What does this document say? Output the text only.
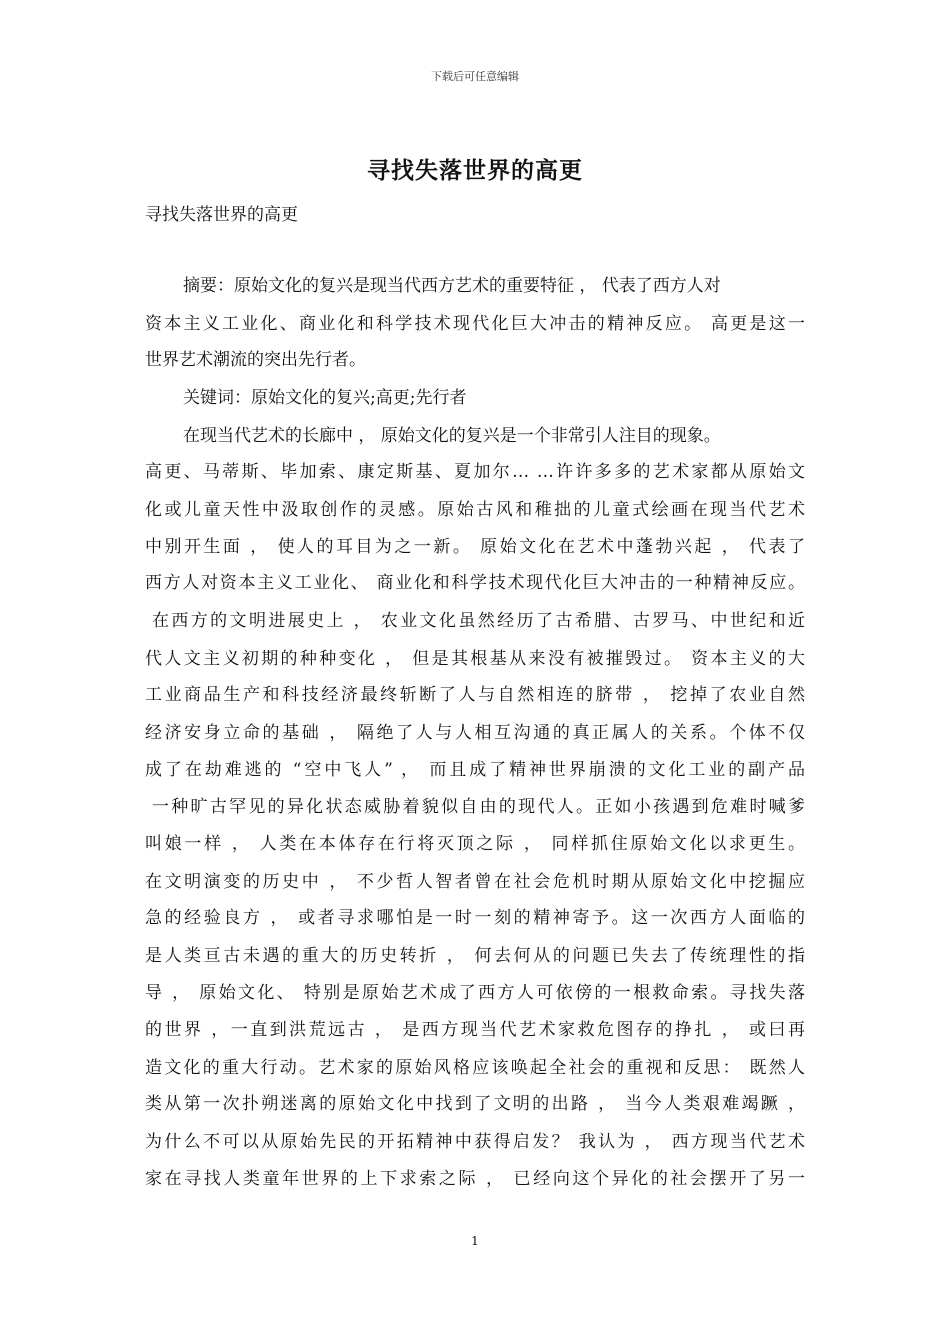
下载后可任意编辑
寻找失落世界的高更
寻找失落世界的高更
摘要：原始文化的复兴是现当代西方艺术的重要特征 ， 代表了西方人对
资本主义工业化、商业化和科学技术现代化巨大冲击的精神反应。 高更是这一
世界艺术潮流的突出先行者。
关键词：原始文化的复兴;高更;先行者
在现当代艺术的长廊中 ， 原始文化的复兴是一个非常引人注目的现象。
高更、马蒂斯、毕加索、康定斯基、夏加尔… …许许多多的艺术家都从原始文
化或儿童天性中汲取创作的灵感。原始古风和稚拙的儿童式绘画在现当代艺术
中别开生面 ， 使人的耳目为之一新。 原始文化在艺术中蓬勃兴起 ， 代表了
西方人对资本主义工业化、 商业化和科学技术现代化巨大冲击的一种精神反应。
在西方的文明进展史上 ， 农业文化虽然经历了古希腊、古罗马、中世纪和近
代人文主义初期的种种变化 ， 但是其根基从来没有被摧毁过。 资本主义的大
工业商品生产和科技经济最终斩断了人与自然相连的脐带 ， 挖掉了农业自然
经济安身立命的基础 ， 隔绝了人与人相互沟通的真正属人的关系。个体不仅
成了在劫难逃的 “空中飞人” ， 而且成了精神世界崩溃的文化工业的副产品
一种旷古罕见的异化状态威胁着貌似自由的现代人。正如小孩遇到危难时喊爹
叫娘一样 ， 人类在本体存在行将灭顶之际 ， 同样抓住原始文化以求更生。
在文明演变的历史中 ， 不少哲人智者曾在社会危机时期从原始文化中挖掘应
急的经验良方 ， 或者寻求哪怕是一时一刻的精神寄予。这一次西方人面临的
是人类亘古未遇的重大的历史转折 ， 何去何从的问题已失去了传统理性的指
导 ， 原始文化、 特别是原始艺术成了西方人可依傍的一根救命索。寻找失落
的世界 ，一直到洪荒远古 ， 是西方现当代艺术家救危图存的挣扎 ， 或曰再
造文化的重大行动。艺术家的原始风格应该唤起全社会的重视和反思： 既然人
类从第一次扑朔迷离的原始文化中找到了文明的出路 ， 当今人类艰难竭蹶 ，
为什么不可以从原始先民的开拓精神中获得启发？ 我认为 ， 西方现当代艺术
家在寻找人类童年世界的上下求索之际 ， 已经向这个异化的社会摆开了另一
1
